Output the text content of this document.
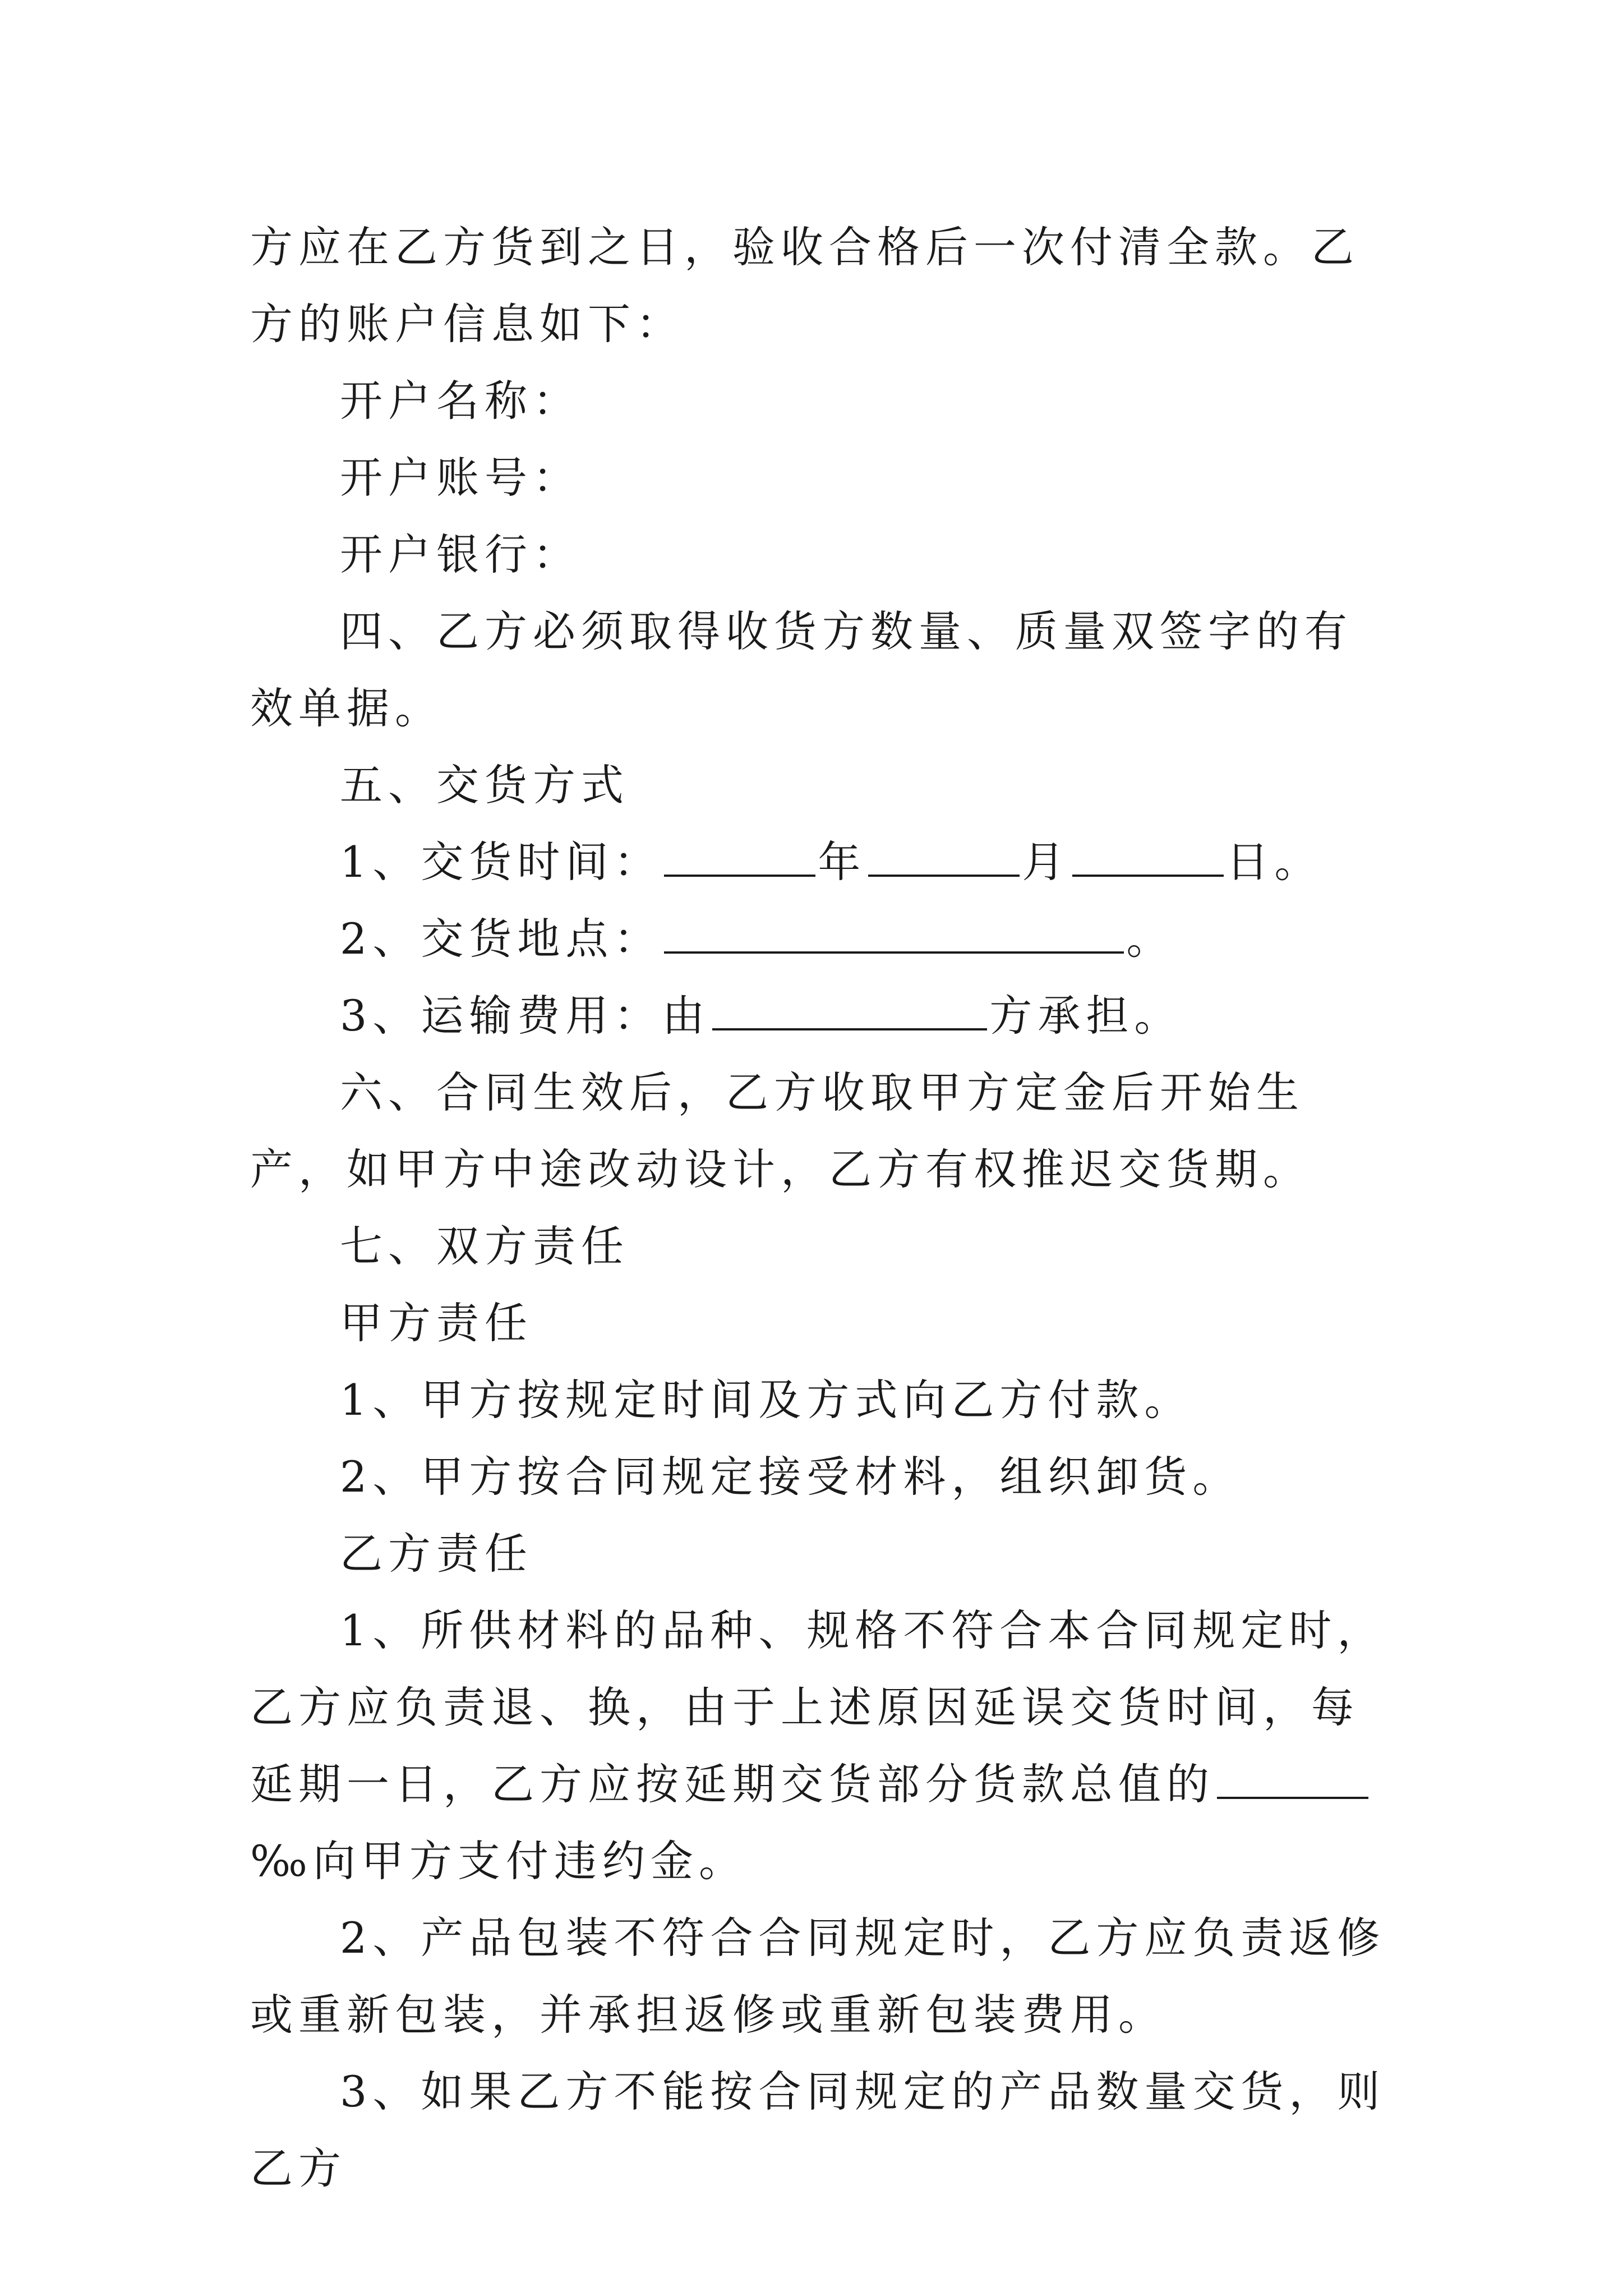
方应在乙方货到之日，验收合格后一次付清全款。乙方的账户信息如下：

开户名称：

开户账号：

开户银行：

四、乙方必须取得收货方数量、质量双签字的有效单据。

五、交货方式

1、交货时间：	年	月	日。

2、交货地点：	。

3、运输费用：由	方承担。

六、合同生效后，乙方收取甲方定金后开始生产，如甲方中途改动设计，乙方有权推迟交货期。

七、双方责任

甲方责任

1、甲方按规定时间及方式向乙方付款。

2、甲方按合同规定接受材料，组织卸货。

乙方责任

1、所供材料的品种、规格不符合本合同规定时，乙方应负责退、换，由于上述原因延误交货时间，每延期一日，乙方应按延期交货部分货款总值的‰向甲方支付违约金。

2、产品包装不符合合同规定时，乙方应负责返修或重新包装，并承担返修或重新包装费用。

3、如果乙方不能按合同规定的产品数量交货，则乙方
